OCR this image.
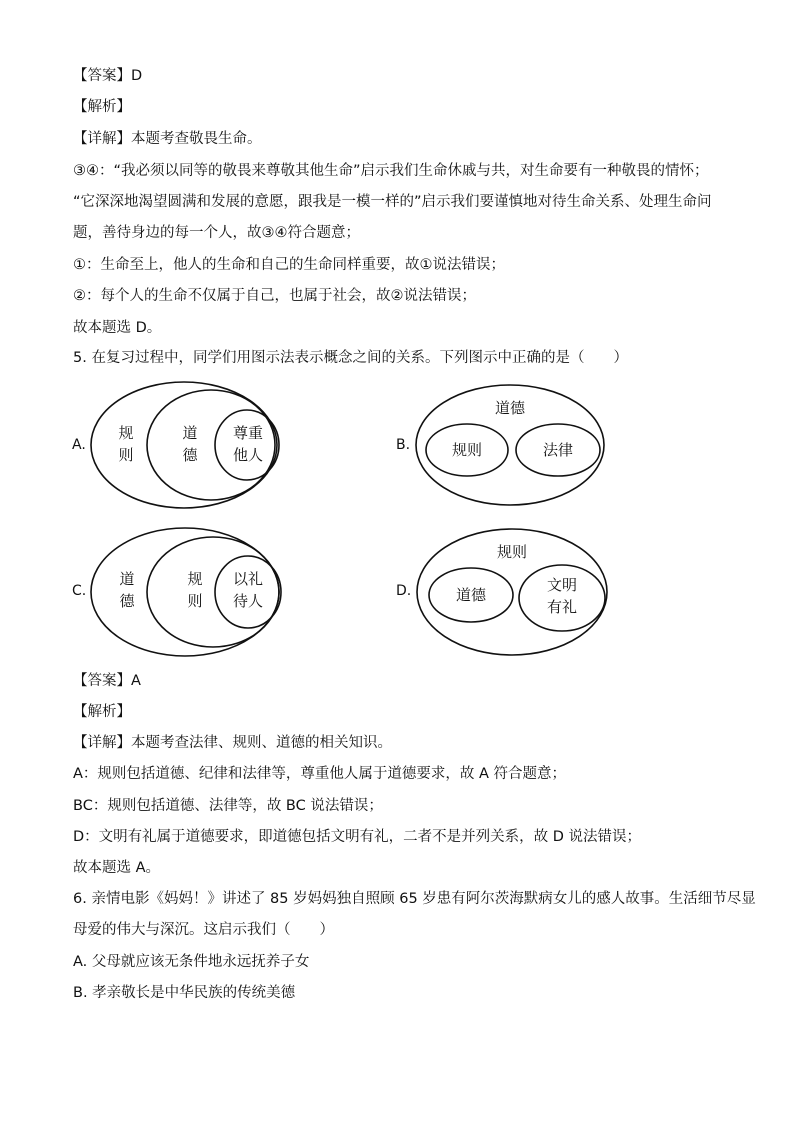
【答案】D
【解析】
【详解】本题考查敬畏生命。
③④：“我必须以同等的敬畏来尊敬其他生命”启示我们生命休戚与共，对生命要有一种敬畏的情怀；
“它深深地渴望圆满和发展的意愿，跟我是一模一样的”启示我们要谨慎地对待生命关系、处理生命问
题，善待身边的每一个人，故③④符合题意；
①：生命至上，他人的生命和自己的生命同样重要，故①说法错误；
②：每个人的生命不仅属于自己，也属于社会，故②说法错误；
故本题选 D。
5. 在复习过程中，同学们用图示法表示概念之间的关系。下列图示中正确的是（　　）
A.
规
则
道
德
尊重
他人
B.
道德
规则	法律
C.
道
德
规
则
以礼
待人
D.
规则
道德
文明
有礼
【答案】A
【解析】
【详解】本题考查法律、规则、道德的相关知识。
A：规则包括道德、纪律和法律等，尊重他人属于道德要求，故 A 符合题意；
BC：规则包括道德、法律等，故 BC 说法错误；
D：文明有礼属于道德要求，即道德包括文明有礼，二者不是并列关系，故 D 说法错误；
故本题选 A。
6. 亲情电影《妈妈！》讲述了 85 岁妈妈独自照顾 65 岁患有阿尔茨海默病女儿的感人故事。生活细节尽显
母爱的伟大与深沉。这启示我们（　　）
A. 父母就应该无条件地永远抚养子女
B. 孝亲敬长是中华民族的传统美德
